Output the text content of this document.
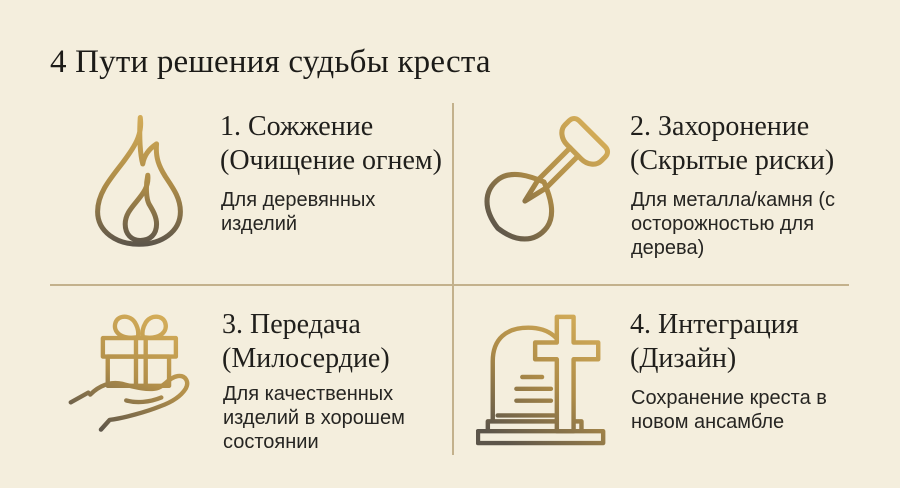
4 Пути решения судьбы креста
1. Сожжение
(Очищение огнем)
Для деревянных изделий
2. Захоронение
(Скрытые риски)
Для металла/камня (с осторожностью для дерева)
3. Передача
(Милосердие)
Для качественных изделий в хорошем состоянии
4. Интеграция
(Дизайн)
Сохранение креста в новом ансамбле
